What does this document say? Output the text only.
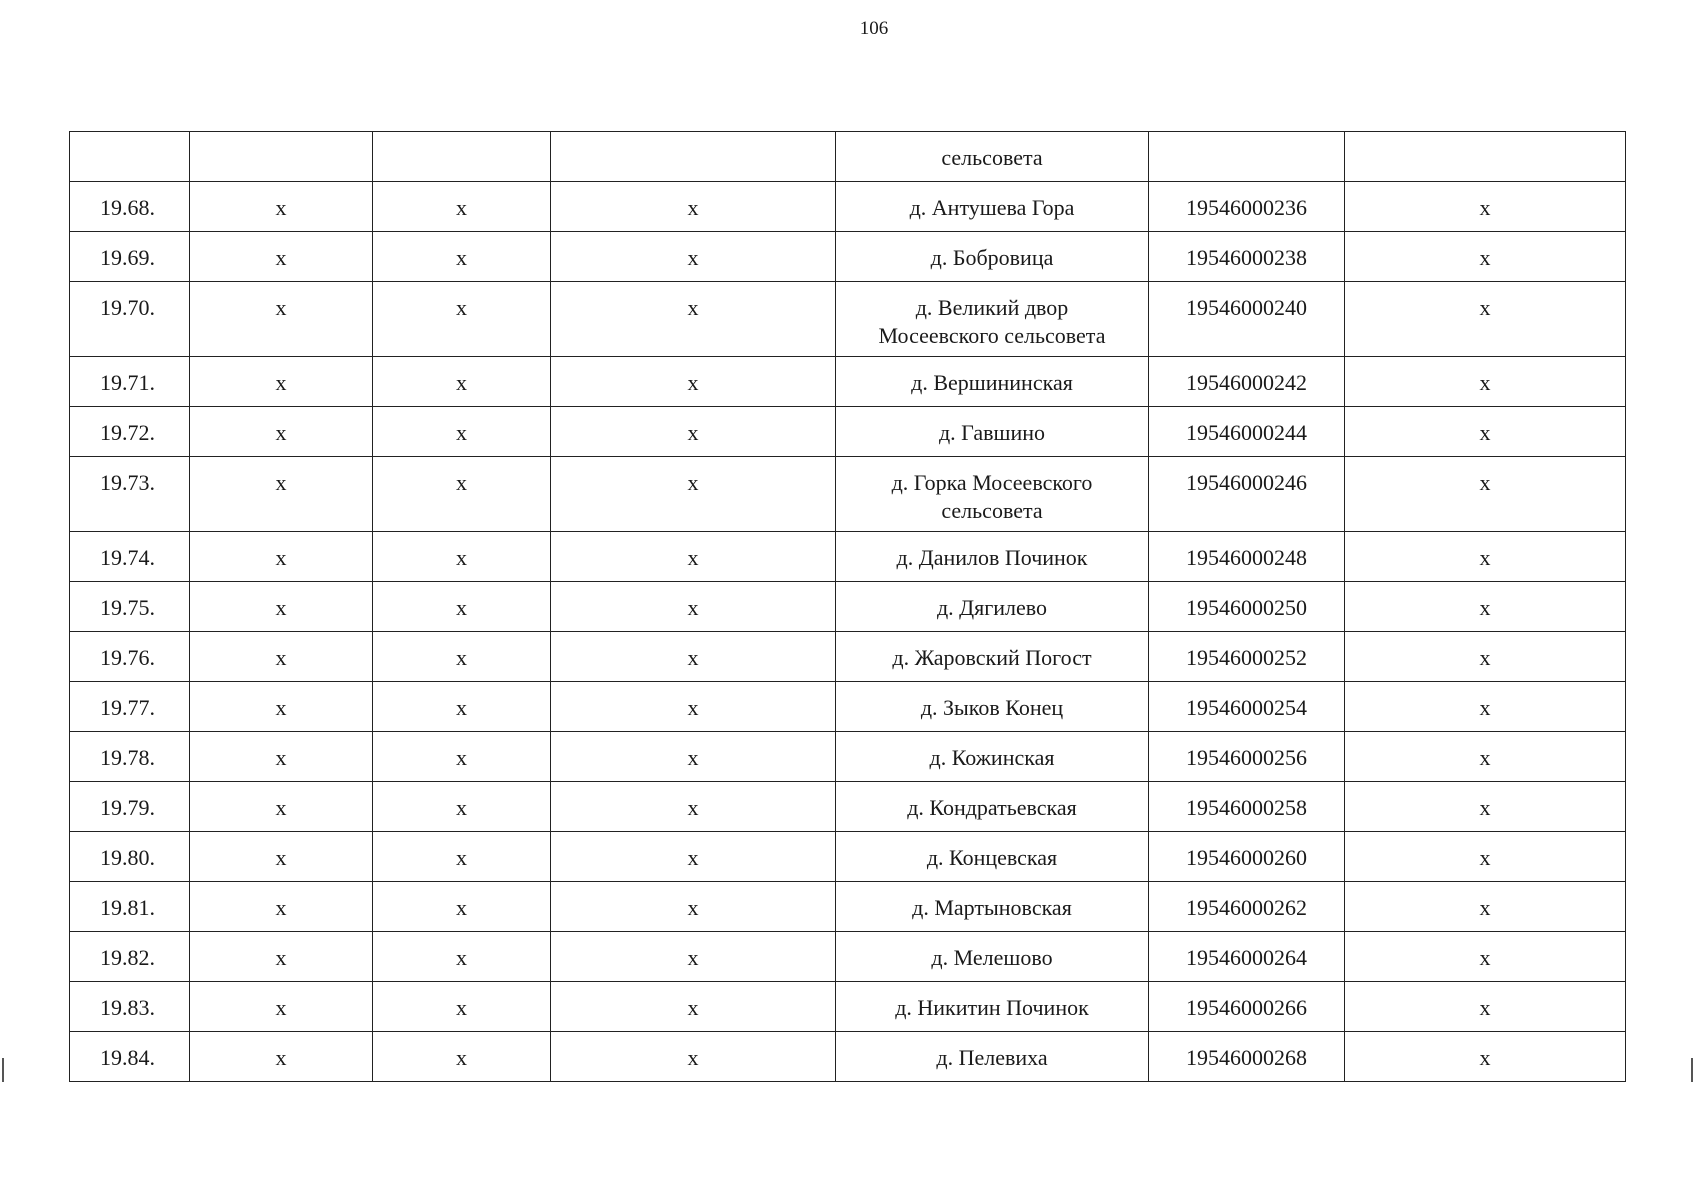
106
				сельсовета		
19.68.	х	х	х	д. Антушева Гора	19546000236	х
19.69.	х	х	х	д. Бобровица	19546000238	х
19.70.	х	х	х	д. Великий двор
Мосеевского сельсовета	19546000240	х
19.71.	х	х	х	д. Вершининская	19546000242	х
19.72.	х	х	х	д. Гавшино	19546000244	х
19.73.	х	х	х	д. Горка Мосеевского
сельсовета	19546000246	х
19.74.	х	х	х	д. Данилов Починок	19546000248	х
19.75.	х	х	х	д. Дягилево	19546000250	х
19.76.	х	х	х	д. Жаровский Погост	19546000252	х
19.77.	х	х	х	д. Зыков Конец	19546000254	х
19.78.	х	х	х	д. Кожинская	19546000256	х
19.79.	х	х	х	д. Кондратьевская	19546000258	х
19.80.	х	х	х	д. Концевская	19546000260	х
19.81.	х	х	х	д. Мартыновская	19546000262	х
19.82.	х	х	х	д. Мелешово	19546000264	х
19.83.	х	х	х	д. Никитин Починок	19546000266	х
19.84.	х	х	х	д. Пелевиха	19546000268	х
